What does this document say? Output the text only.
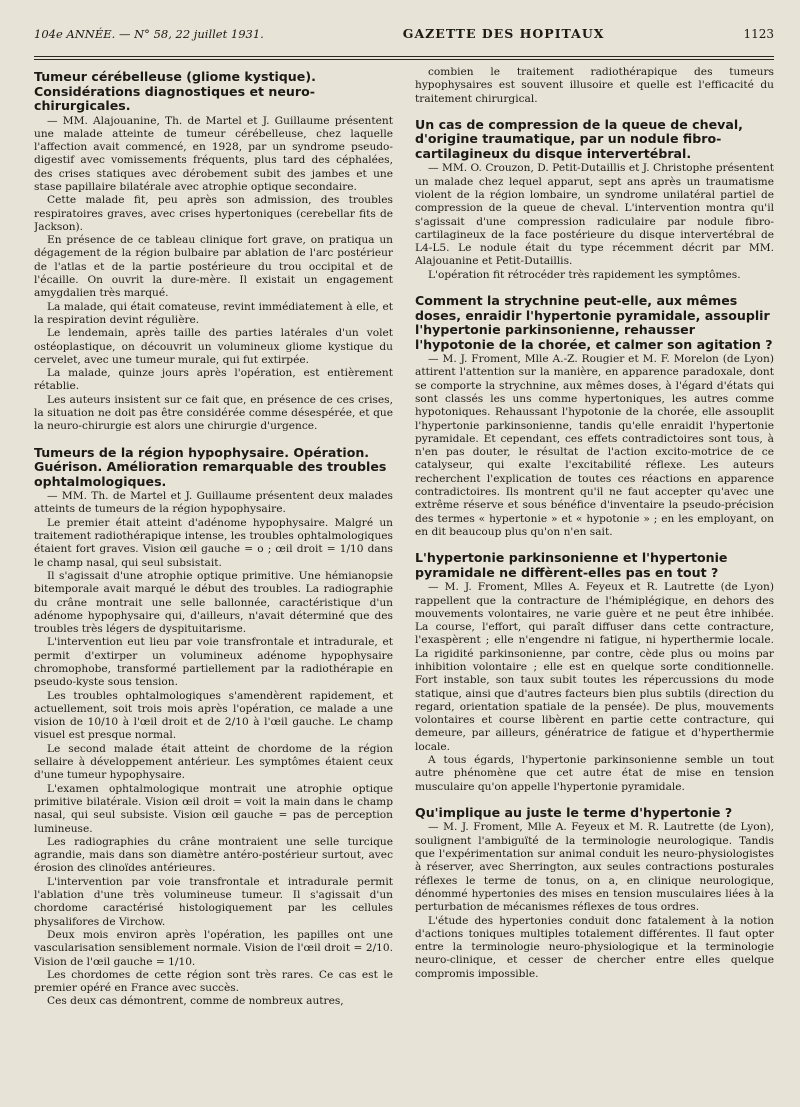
104e ANNÉE. — N° 58, 22 juillet 1931.	GAZETTE DES HOPITAUX	1123
Tumeur cérébelleuse (gliome kystique). Considérations diagnostiques et neuro-chirurgicales.

— MM. Alajouanine, Th. de Martel et J. Guillaume présentent une malade atteinte de tumeur cérébelleuse, chez laquelle l'affection avait commencé, en 1928, par un syndrome pseudo-digestif avec vomissements fréquents, plus tard des céphalées, des crises statiques avec dérobement subit des jambes et une stase papillaire bilatérale avec atrophie optique secondaire.

Cette malade fit, peu après son admission, des troubles respiratoires graves, avec crises hypertoniques (cerebellar fits de Jackson).

En présence de ce tableau clinique fort grave, on pratiqua un dégagement de la région bulbaire par ablation de l'arc postérieur de l'atlas et de la partie postérieure du trou occipital et de l'écaille. On ouvrit la dure-mère. Il existait un engagement amygdalien très marqué.

La malade, qui était comateuse, revint immédiatement à elle, et la respiration devint régulière.

Le lendemain, après taille des parties latérales d'un volet ostéoplastique, on découvrit un volumineux gliome kystique du cervelet, avec une tumeur murale, qui fut extirpée.

La malade, quinze jours après l'opération, est entièrement rétablie.

Les auteurs insistent sur ce fait que, en présence de ces crises, la situation ne doit pas être considérée comme désespérée, et que la neuro-chirurgie est alors une chirurgie d'urgence.

Tumeurs de la région hypophysaire. Opération. Guérison. Amélioration remarquable des troubles ophtalmologiques.

— MM. Th. de Martel et J. Guillaume présentent deux malades atteints de tumeurs de la région hypophysaire.

Le premier était atteint d'adénome hypophysaire. Malgré un traitement radiothérapique intense, les troubles ophtalmologiques étaient fort graves. Vision œil gauche = o ; œil droit = 1/10 dans le champ nasal, qui seul subsistait.

Il s'agissait d'une atrophie optique primitive. Une hémianopsie bitemporale avait marqué le début des troubles. La radiographie du crâne montrait une selle ballonnée, caractéristique d'un adénome hypophysaire qui, d'ailleurs, n'avait déterminé que des troubles très légers de dyspituitarisme.

L'intervention eut lieu par voie transfrontale et intradurale, et permit d'extirper un volumineux adénome hypophysaire chromophobe, transformé partiellement par la radiothérapie en pseudo-kyste sous tension.

Les troubles ophtalmologiques s'amendèrent rapidement, et actuellement, soit trois mois après l'opération, ce malade a une vision de 10/10 à l'œil droit et de 2/10 à l'œil gauche. Le champ visuel est presque normal.

Le second malade était atteint de chordome de la région sellaire à développement antérieur. Les symptômes étaient ceux d'une tumeur hypophysaire.

L'examen ophtalmologique montrait une atrophie optique primitive bilatérale. Vision œil droit = voit la main dans le champ nasal, qui seul subsiste. Vision œil gauche = pas de perception lumineuse.

Les radiographies du crâne montraient une selle turcique agrandie, mais dans son diamètre antéro-postérieur surtout, avec érosion des clinoïdes antérieures.

L'intervention par voie transfrontale et intradurale permit l'ablation d'une très volumineuse tumeur. Il s'agissait d'un chordome caractérisé histologiquement par les cellules physalifores de Virchow.

Deux mois environ après l'opération, les papilles ont une vascularisation sensiblement normale. Vision de l'œil droit = 2/10. Vision de l'œil gauche = 1/10.

Les chordomes de cette région sont très rares. Ce cas est le premier opéré en France avec succès.

Ces deux cas démontrent, comme de nombreux autres,

combien le traitement radiothérapique des tumeurs hypophysaires est souvent illusoire et quelle est l'efficacité du traitement chirurgical.

Un cas de compression de la queue de cheval, d'origine traumatique, par un nodule fibro-cartilagineux du disque intervertébral.

— MM. O. Crouzon, D. Petit-Dutaillis et J. Christophe présentent un malade chez lequel apparut, sept ans après un traumatisme violent de la région lombaire, un syndrome unilatéral partiel de compression de la queue de cheval. L'intervention montra qu'il s'agissait d'une compression radiculaire par nodule fibro-cartilagineux de la face postérieure du disque intervertébral de L4-L5. Le nodule était du type récemment décrit par MM. Alajouanine et Petit-Dutaillis.

L'opération fit rétrocéder très rapidement les symptômes.

Comment la strychnine peut-elle, aux mêmes doses, enraidir l'hypertonie pyramidale, assouplir l'hypertonie parkinsonienne, rehausser l'hypotonie de la chorée, et calmer son agitation ?

— M. J. Froment, Mlle A.-Z. Rougier et M. F. Morelon (de Lyon) attirent l'attention sur la manière, en apparence paradoxale, dont se comporte la strychnine, aux mêmes doses, à l'égard d'états qui sont classés les uns comme hypertoniques, les autres comme hypotoniques. Rehaussant l'hypotonie de la chorée, elle assouplit l'hypertonie parkinsonienne, tandis qu'elle enraidit l'hypertonie pyramidale. Et cependant, ces effets contradictoires sont tous, à n'en pas douter, le résultat de l'action excito-motrice de ce catalyseur, qui exalte l'excitabilité réflexe. Les auteurs recherchent l'explication de toutes ces réactions en apparence contradictoires. Ils montrent qu'il ne faut accepter qu'avec une extrême réserve et sous bénéfice d'inventaire la pseudo-précision des termes « hypertonie » et « hypotonie » ; en les employant, on en dit beaucoup plus qu'on n'en sait.

L'hypertonie parkinsonienne et l'hypertonie pyramidale ne diffèrent-elles pas en tout ?

— M. J. Froment, Mlles A. Feyeux et R. Lautrette (de Lyon) rappellent que la contracture de l'hémiplégique, en dehors des mouvements volontaires, ne varie guère et ne peut être inhibée. La course, l'effort, qui paraît diffuser dans cette contracture, l'exaspèrent ; elle n'engendre ni fatigue, ni hyperthermie locale. La rigidité parkinsonienne, par contre, cède plus ou moins par inhibition volontaire ; elle est en quelque sorte conditionnelle. Fort instable, son taux subit toutes les répercussions du mode statique, ainsi que d'autres facteurs bien plus subtils (direction du regard, orientation spatiale de la pensée). De plus, mouvements volontaires et course libèrent en partie cette contracture, qui demeure, par ailleurs, génératrice de fatigue et d'hyperthermie locale.

A tous égards, l'hypertonie parkinsonienne semble un tout autre phénomène que cet autre état de mise en tension musculaire qu'on appelle l'hypertonie pyramidale.

Qu'implique au juste le terme d'hypertonie ?

— M. J. Froment, Mlle A. Feyeux et M. R. Lautrette (de Lyon), soulignent l'ambiguïté de la terminologie neurologique. Tandis que l'expérimentation sur animal conduit les neuro-physiologistes à réserver, avec Sherrington, aux seules contractions posturales réflexes le terme de tonus, on a, en clinique neurologique, dénommé hypertonies des mises en tension musculaires liées à la perturbation de mécanismes réflexes de tous ordres.

L'étude des hypertonies conduit donc fatalement à la notion d'actions toniques multiples totalement différentes. Il faut opter entre la terminologie neuro-physiologique et la terminologie neuro-clinique, et cesser de chercher entre elles quelque compromis impossible.
